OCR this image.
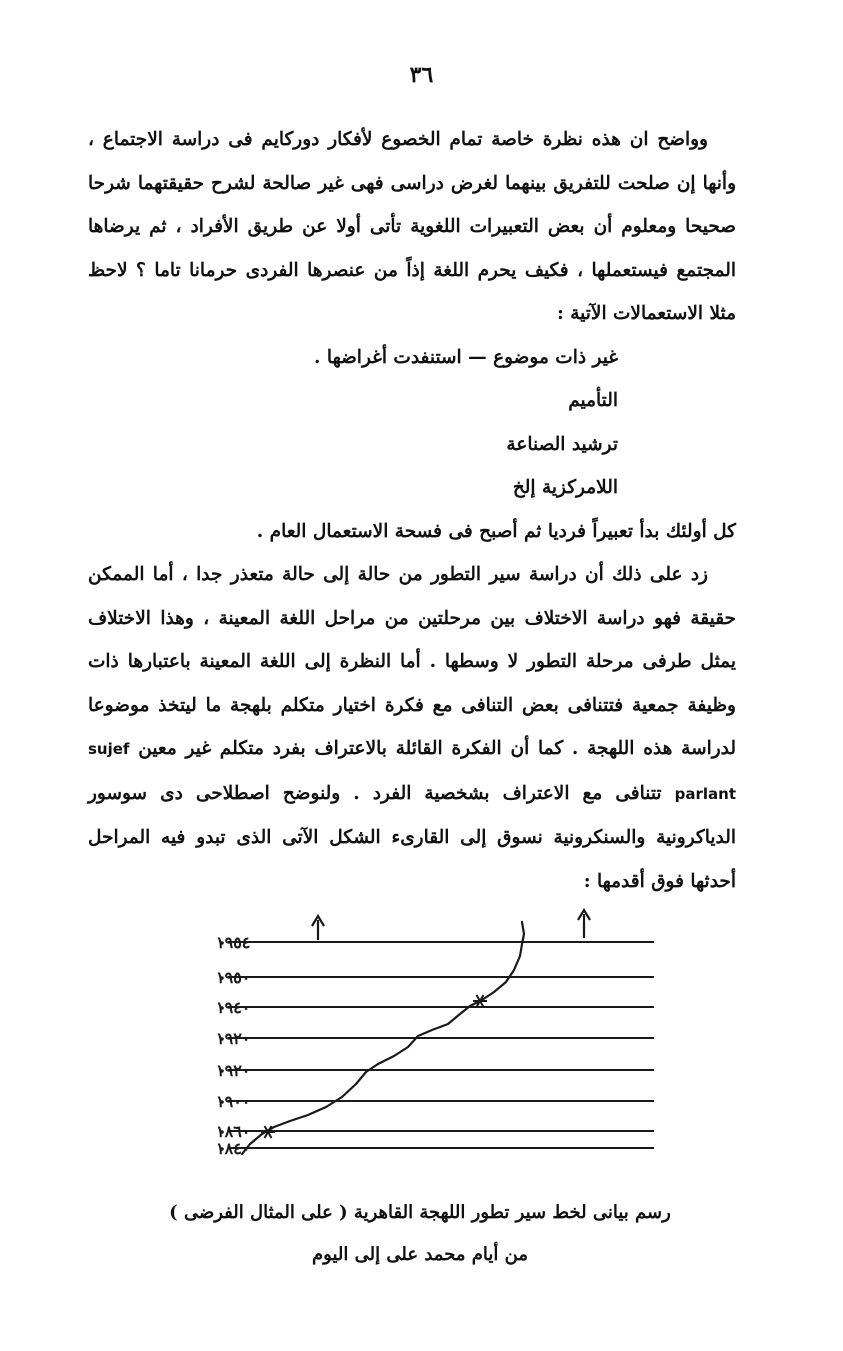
٣٦

وواضح ان هذه نظرة خاصة تمام الخصوع لأفكار دوركايم فى دراسة الاجتماع ، وأنها إن صلحت للتفريق بينهما لغرض دراسى فهى غير صالحة لشرح حقيقتهما شرحا صحيحا ومعلوم أن بعض التعبيرات اللغوية تأتى أولا عن طريق الأفراد ، ثم يرضاها المجتمع فيستعملها ، فكيف يحرم اللغة إذاً من عنصرها الفردى حرمانا تاما ؟ لاحظ مثلا الاستعمالات الآتية :

غير ذات موضوع — استنفدت أغراضها .
التأميم
ترشيد الصناعة
اللامركزية إلخ

كل أولئك بدأ تعبيراً فرديا ثم أصبح فى فسحة الاستعمال العام .

زد على ذلك أن دراسة سير التطور من حالة إلى حالة متعذر جدا ، أما الممكن حقيقة فهو دراسة الاختلاف بين مرحلتين من مراحل اللغة المعينة ، وهذا الاختلاف يمثل طرفى مرحلة التطور لا وسطها . أما النظرة إلى اللغة المعينة باعتبارها ذات وظيفة جمعية فتتنافى بعض التنافى مع فكرة اختيار متكلم بلهجة ما ليتخذ موضوعا لدراسة هذه اللهجة . كما أن الفكرة القائلة بالاعتراف بفرد متكلم غير معين sujef parlant تتنافى مع الاعتراف بشخصية الفرد . ولنوضح اصطلاحى دى سوسور الدياكرونية والسنكرونية نسوق إلى القارىء الشكل الآتى الذى تبدو فيه المراحل أحدثها فوق أقدمها :

١٩٥٤
١٩٥٠
١٩٤٠
١٩٢٠
١٩٢٠
١٩٠٠
١٨٦٠
١٨٤٠
رسم بيانى لخط سير تطور اللهجة القاهرية ( على المثال الفرضى )
من أيام محمد على إلى اليوم
